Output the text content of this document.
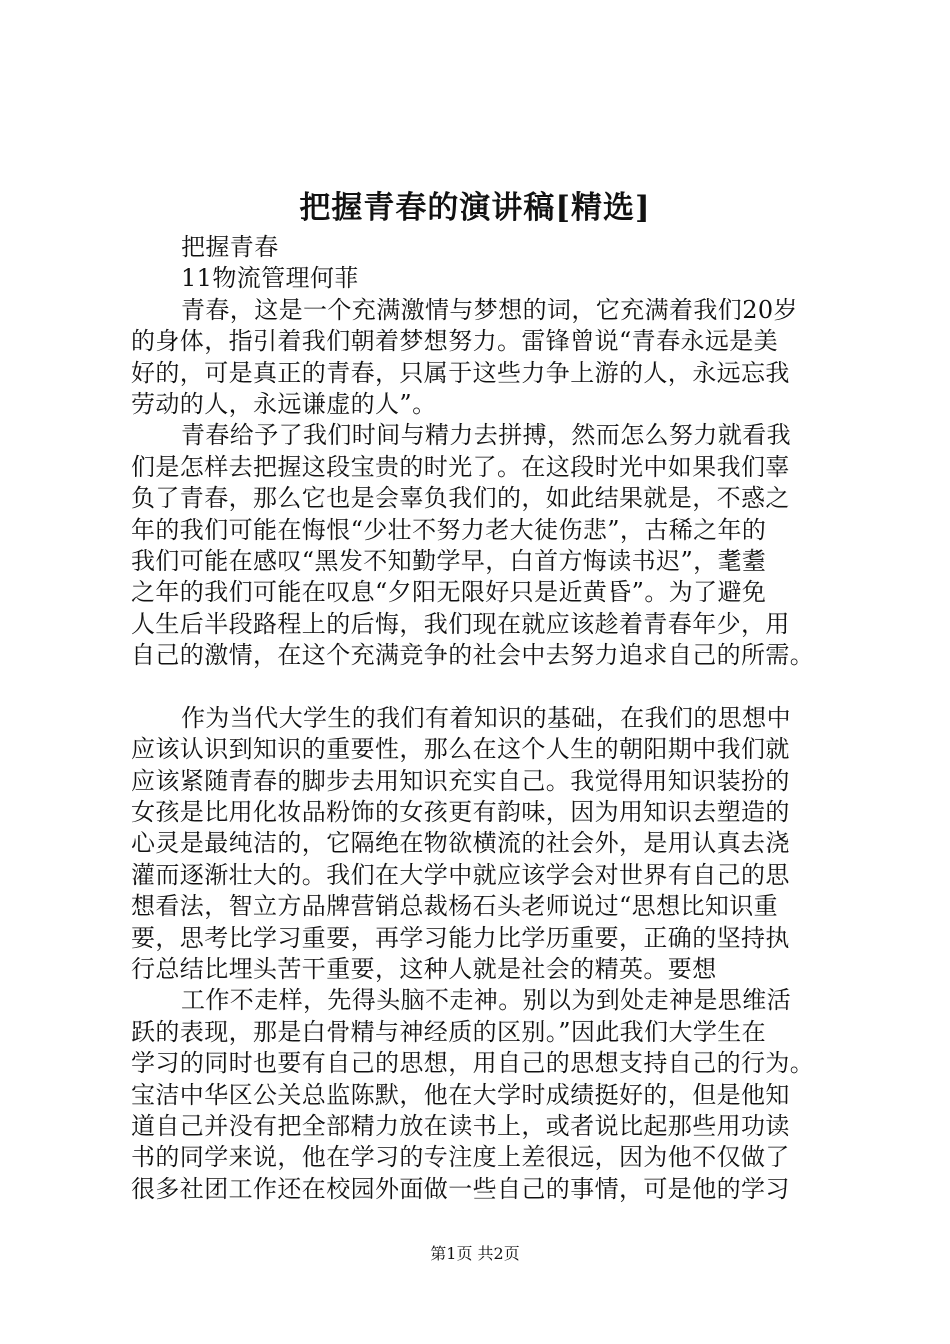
把握青春的演讲稿[精选]
把握青春
11物流管理何菲
青春，这是一个充满激情与梦想的词，它充满着我们20岁
的身体，指引着我们朝着梦想努力。雷锋曾说“青春永远是美
好的，可是真正的青春，只属于这些力争上游的人，永远忘我
劳动的人，永远谦虚的人”。
青春给予了我们时间与精力去拼搏，然而怎么努力就看我
们是怎样去把握这段宝贵的时光了。在这段时光中如果我们辜
负了青春，那么它也是会辜负我们的，如此结果就是，不惑之
年的我们可能在悔恨“少壮不努力老大徒伤悲”，古稀之年的
我们可能在感叹“黑发不知勤学早，白首方悔读书迟”，耄耋
之年的我们可能在叹息“夕阳无限好只是近黄昏”。为了避免
人生后半段路程上的后悔，我们现在就应该趁着青春年少，用
自己的激情，在这个充满竞争的社会中去努力追求自己的所需。
作为当代大学生的我们有着知识的基础，在我们的思想中
应该认识到知识的重要性，那么在这个人生的朝阳期中我们就
应该紧随青春的脚步去用知识充实自己。我觉得用知识装扮的
女孩是比用化妆品粉饰的女孩更有韵味，因为用知识去塑造的
心灵是最纯洁的，它隔绝在物欲横流的社会外，是用认真去浇
灌而逐渐壮大的。我们在大学中就应该学会对世界有自己的思
想看法，智立方品牌营销总裁杨石头老师说过“思想比知识重
要，思考比学习重要，再学习能力比学历重要，正确的坚持执
行总结比埋头苦干重要，这种人就是社会的精英。要想
工作不走样，先得头脑不走神。别以为到处走神是思维活
跃的表现，那是白骨精与神经质的区别。”因此我们大学生在
学习的同时也要有自己的思想，用自己的思想支持自己的行为。
宝洁中华区公关总监陈默，他在大学时成绩挺好的，但是他知
道自己并没有把全部精力放在读书上，或者说比起那些用功读
书的同学来说，他在学习的专注度上差很远，因为他不仅做了
很多社团工作还在校园外面做一些自己的事情，可是他的学习
第1页 共2页
